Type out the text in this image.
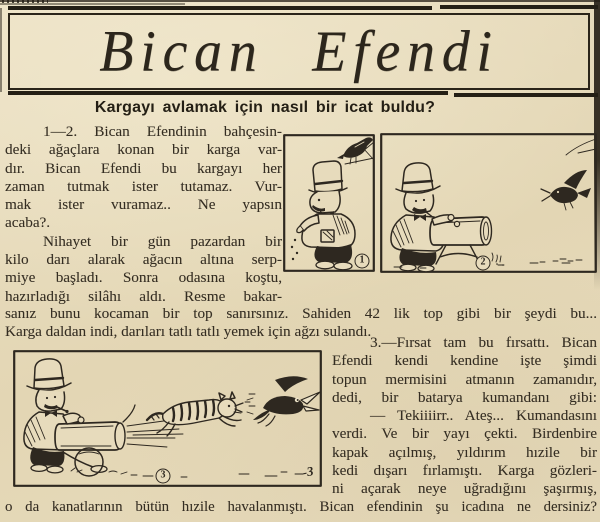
Bican Efendi
Kargayı avlamak için nasıl bir icat buldu?
1—2. Bican Efendinin bahçesin-
deki ağaçlara konan bir karga var-
dır. Bican Efendi bu kargayı her
zaman tutmak ister tutamaz. Vur-
mak ister vuramaz.. Ne yapsın
acaba?.
Nihayet bir gün pazardan bir
kilo darı alarak ağacın altına serp-
miye başladı. Sonra odasına koştu,
hazırladığı silâhı aldı. Resme bakar-
sanız bunu kocaman bir top sanırsınız. Sahiden 42 lik top gibi bir şeydi bu...
Karga daldan indi, darıları tatlı tatlı yemek için ağzı sulandı.
3.—Fırsat tam bu fırsattı. Bican
Efendi kendi kendine işte şimdi
topun mermisini atmanın zamanıdır,
dedi, bir batarya kumandanı gibi:
— Tekiiiirr.. Ateş... Kumandasını
verdi. Ve bir yayı çekti. Birdenbire
kapak açılmış, yıldırım hızile bir
kedi dışarı fırlamıştı. Karga gözleri-
ni açarak neye uğradığını şaşırmış,
o da kanatlarının bütün hızile havalanmıştı. Bican efendinin şu icadına ne dersiniz?
1	2
3	-3
